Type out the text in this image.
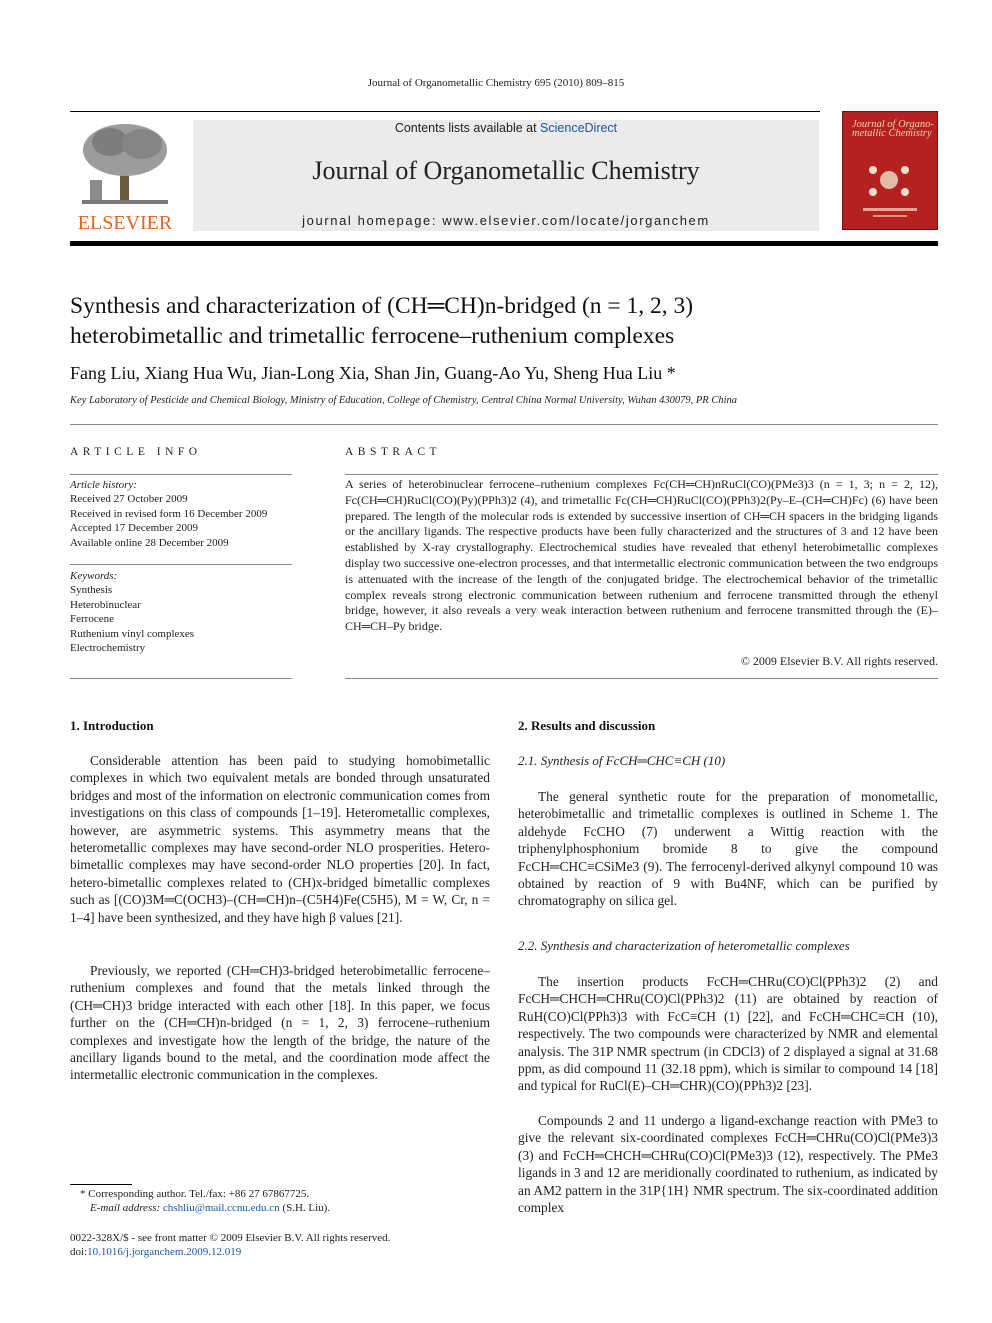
Journal of Organometallic Chemistry 695 (2010) 809–815
ELSEVIER
Contents lists available at ScienceDirect
Journal of Organometallic Chemistry
journal homepage: www.elsevier.com/locate/jorganchem
Journal of Organo-metallic Chemistry
Synthesis and characterization of (CH═CH)n-bridged (n = 1, 2, 3)
heterobimetallic and trimetallic ferrocene–ruthenium complexes
Fang Liu, Xiang Hua Wu, Jian-Long Xia, Shan Jin, Guang-Ao Yu, Sheng Hua Liu *
Key Laboratory of Pesticide and Chemical Biology, Ministry of Education, College of Chemistry, Central China Normal University, Wuhan 430079, PR China
ARTICLE INFO
Article history:
Received 27 October 2009
Received in revised form 16 December 2009
Accepted 17 December 2009
Available online 28 December 2009
Keywords:
Synthesis
Heterobinuclear
Ferrocene
Ruthenium vinyl complexes
Electrochemistry
ABSTRACT
A series of heterobinuclear ferrocene–ruthenium complexes Fc(CH═CH)nRuCl(CO)(PMe3)3 (n = 1, 3; n = 2, 12), Fc(CH═CH)RuCl(CO)(Py)(PPh3)2 (4), and trimetallic Fc(CH═CH)RuCl(CO)(PPh3)2(Py–E–(CH═CH)Fc) (6) have been prepared. The length of the molecular rods is extended by successive insertion of CH═CH spacers in the bridging ligands or the ancillary ligands. The respective products have been fully characterized and the structures of 3 and 12 have been established by X-ray crystallography. Electrochemical studies have revealed that ethenyl heterobimetallic complexes display two successive one-electron processes, and that intermetallic electronic communication between the two endgroups is attenuated with the increase of the length of the conjugated bridge. The electrochemical behavior of the trimetallic complex reveals strong electronic communication between ruthenium and ferrocene transmitted through the ethenyl bridge, however, it also reveals a very weak interaction between ruthenium and ferrocene transmitted through the (E)–CH═CH–Py bridge.
© 2009 Elsevier B.V. All rights reserved.
1. Introduction
Considerable attention has been paid to studying homobimetallic complexes in which two equivalent metals are bonded through unsaturated bridges and most of the information on electronic communication comes from investigations on this class of compounds [1–19]. Heterometallic complexes, however, are asymmetric systems. This asymmetry means that the heterometallic complexes may have second-order NLO prosperities. Hetero-bimetallic complexes may have second-order NLO properties [20]. In fact, hetero-bimetallic complexes related to (CH)x-bridged bimetallic complexes such as [(CO)3M═C(OCH3)–(CH═CH)n–(C5H4)Fe(C5H5), M = W, Cr, n = 1–4] have been synthesized, and they have high β values [21].
Previously, we reported (CH═CH)3-bridged heterobimetallic ferrocene–ruthenium complexes and found that the metals linked through the (CH═CH)3 bridge interacted with each other [18]. In this paper, we focus further on the (CH═CH)n-bridged (n = 1, 2, 3) ferrocene–ruthenium complexes and investigate how the length of the bridge, the nature of the ancillary ligands bound to the metal, and the coordination mode affect the intermetallic electronic communication in the complexes.
2. Results and discussion
2.1. Synthesis of FcCH═CHC≡CH (10)
The general synthetic route for the preparation of monometallic, heterobimetallic and trimetallic complexes is outlined in Scheme 1. The aldehyde FcCHO (7) underwent a Wittig reaction with the triphenylphosphonium bromide 8 to give the compound FcCH═CHC≡CSiMe3 (9). The ferrocenyl-derived alkynyl compound 10 was obtained by reaction of 9 with Bu4NF, which can be purified by chromatography on silica gel.
2.2. Synthesis and characterization of heterometallic complexes
The insertion products FcCH═CHRu(CO)Cl(PPh3)2 (2) and FcCH═CHCH═CHRu(CO)Cl(PPh3)2 (11) are obtained by reaction of RuH(CO)Cl(PPh3)3 with FcC≡CH (1) [22], and FcCH═CHC≡CH (10), respectively. The two compounds were characterized by NMR and elemental analysis. The 31P NMR spectrum (in CDCl3) of 2 displayed a signal at 31.68 ppm, as did compound 11 (32.18 ppm), which is similar to compound 14 [18] and typical for RuCl(E)–CH═CHR)(CO)(PPh3)2 [23].
Compounds 2 and 11 undergo a ligand-exchange reaction with PMe3 to give the relevant six-coordinated complexes FcCH═CHRu(CO)Cl(PMe3)3 (3) and FcCH═CHCH═CHRu(CO)Cl(PMe3)3 (12), respectively. The PMe3 ligands in 3 and 12 are meridionally coordinated to ruthenium, as indicated by an AM2 pattern in the 31P{1H} NMR spectrum. The six-coordinated addition complex
* Corresponding author. Tel./fax: +86 27 67867725.
E-mail address: chshliu@mail.ccnu.edu.cn (S.H. Liu).
0022-328X/$ - see front matter © 2009 Elsevier B.V. All rights reserved.
doi:10.1016/j.jorganchem.2009.12.019
